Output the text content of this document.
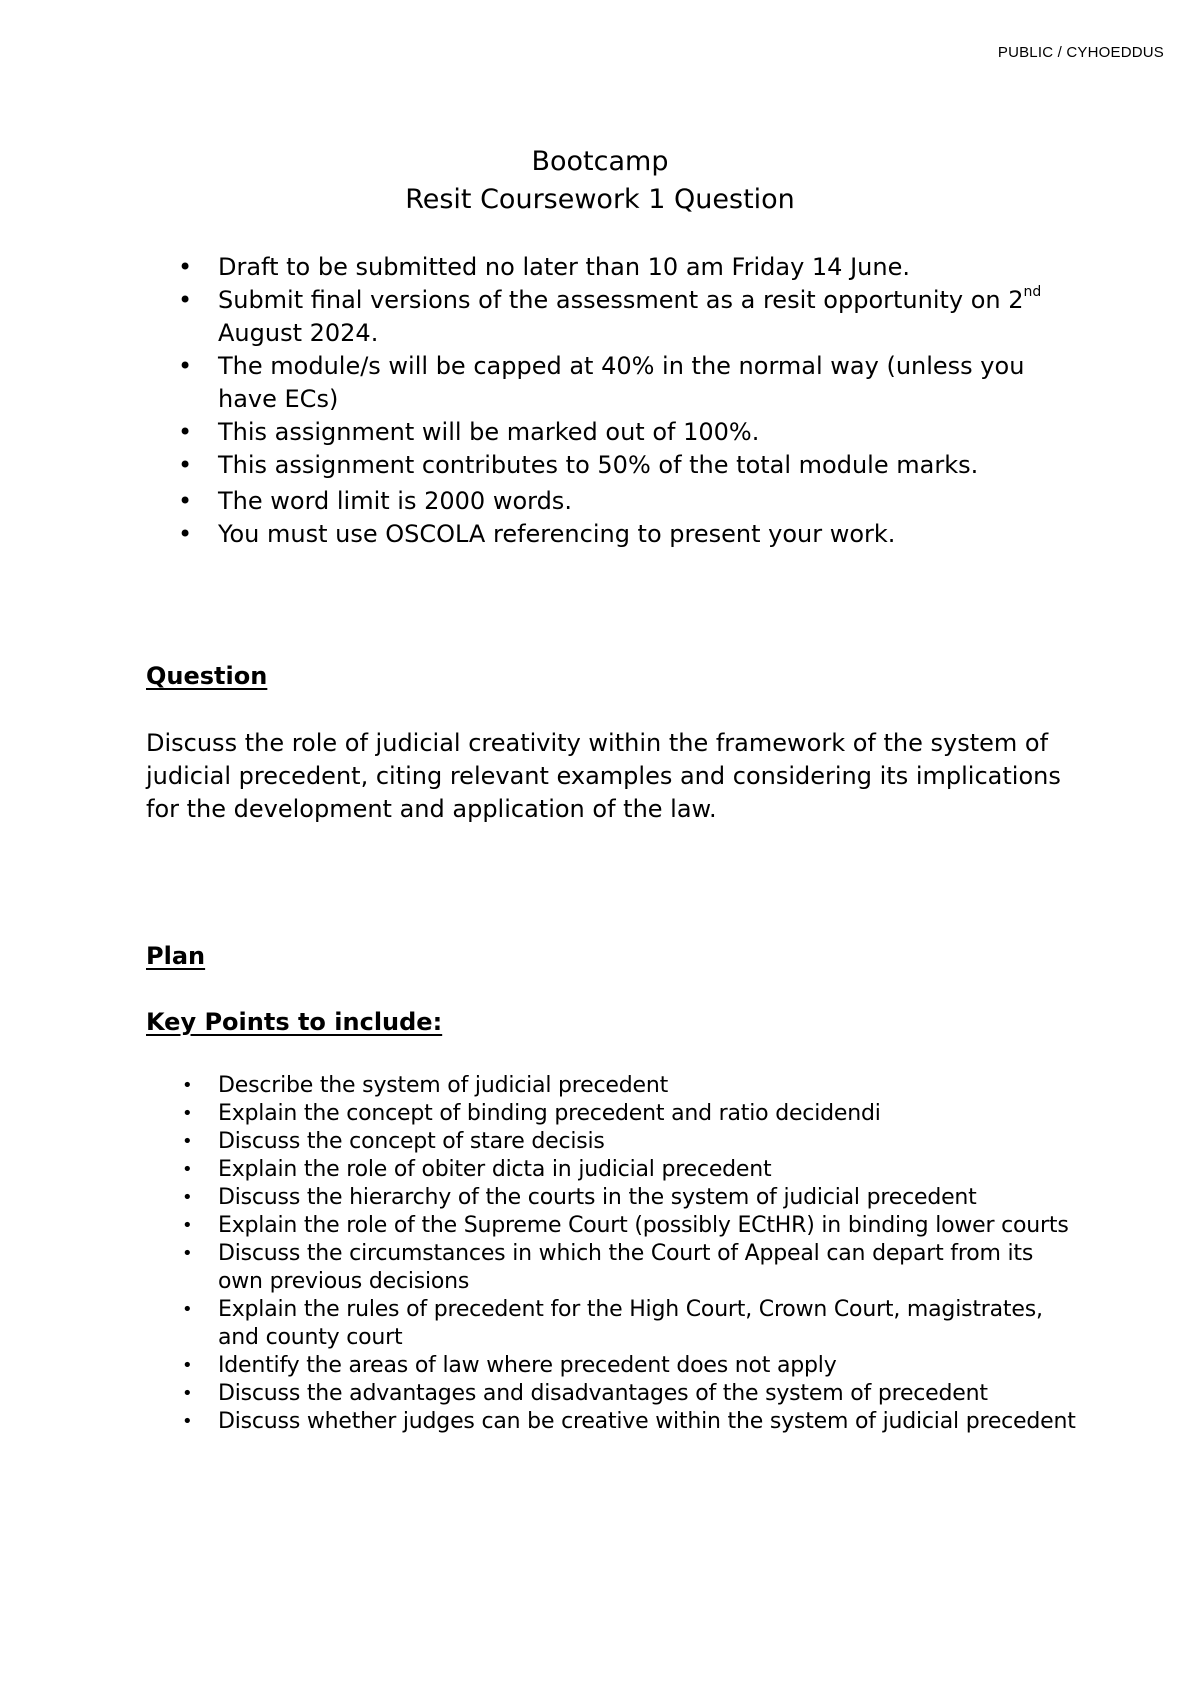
PUBLIC / CYHOEDDUS
Bootcamp
Resit Coursework 1 Question
• Draft to be submitted no later than 10 am Friday 14 June.
• Submit final versions of the assessment as a resit opportunity on 2nd August 2024.
• The module/s will be capped at 40% in the normal way (unless you have ECs)
• This assignment will be marked out of 100%.
• This assignment contributes to 50% of the total module marks.
• The word limit is 2000 words.
• You must use OSCOLA referencing to present your work.
Question
Discuss the role of judicial creativity within the framework of the system of judicial precedent, citing relevant examples and considering its implications for the development and application of the law.
Plan
Key Points to include:
• Describe the system of judicial precedent
• Explain the concept of binding precedent and ratio decidendi
• Discuss the concept of stare decisis
• Explain the role of obiter dicta in judicial precedent
• Discuss the hierarchy of the courts in the system of judicial precedent
• Explain the role of the Supreme Court (possibly ECtHR) in binding lower courts
• Discuss the circumstances in which the Court of Appeal can depart from its own previous decisions
• Explain the rules of precedent for the High Court, Crown Court, magistrates, and county court
• Identify the areas of law where precedent does not apply
• Discuss the advantages and disadvantages of the system of precedent
• Discuss whether judges can be creative within the system of judicial precedent
